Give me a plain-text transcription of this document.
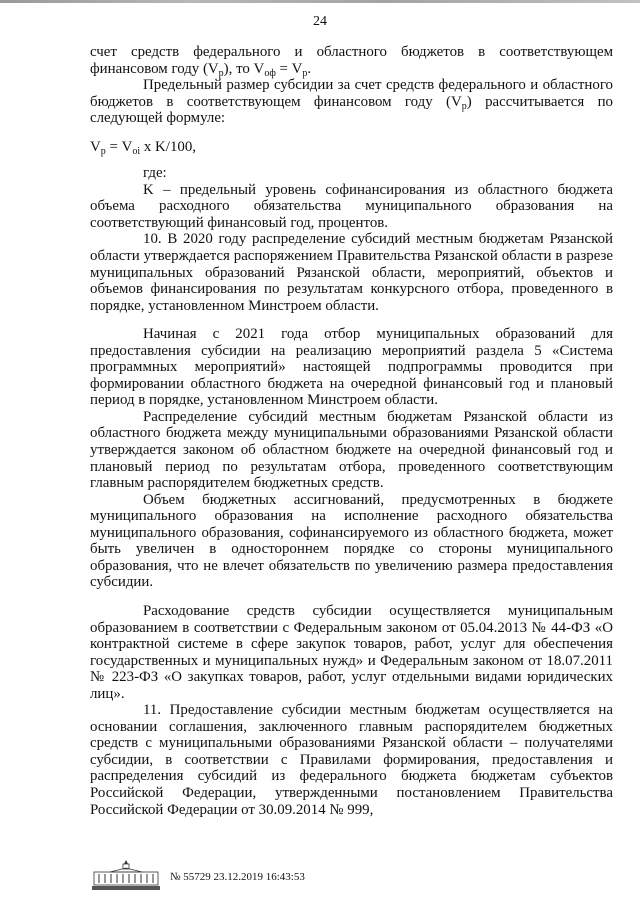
24

счет средств федерального и областного бюджетов в соответствующем финансовом году $(V_р)$, то $V_{оф} = V_р$.

Предельный размер субсидии за счет средств федерального и областного бюджетов в соответствующем финансовом году $(V_р)$ рассчитывается по следующей формуле:

$V_р = V_{оi}$ x K/100,

где:

K – предельный уровень софинансирования из областного бюджета объема расходного обязательства муниципального образования на соответствующий финансовый год, процентов.

10. В 2020 году распределение субсидий местным бюджетам Рязанской области утверждается распоряжением Правительства Рязанской области в разрезе муниципальных образований Рязанской области, мероприятий, объектов и объемов финансирования по результатам конкурсного отбора, проведенного в порядке, установленном Минстроем области.

Начиная с 2021 года отбор муниципальных образований для предоставления субсидии на реализацию мероприятий раздела 5 «Система программных мероприятий» настоящей подпрограммы проводится при формировании областного бюджета на очередной финансовый год и плановый период в порядке, установленном Минстроем области.

Распределение субсидий местным бюджетам Рязанской области из областного бюджета между муниципальными образованиями Рязанской области утверждается законом об областном бюджете на очередной финансовый год и плановый период по результатам отбора, проведенного соответствующим главным распорядителем бюджетных средств.

Объем бюджетных ассигнований, предусмотренных в бюджете муниципального образования на исполнение расходного обязательства муниципального образования, софинансируемого из областного бюджета, может быть увеличен в одностороннем порядке со стороны муниципального образования, что не влечет обязательств по увеличению размера предоставления субсидии.

Расходование средств субсидии осуществляется муниципальным образованием в соответствии с Федеральным законом от 05.04.2013 № 44-ФЗ «О контрактной системе в сфере закупок товаров, работ, услуг для обеспечения государственных и муниципальных нужд» и Федеральным законом от 18.07.2011 № 223-ФЗ «О закупках товаров, работ, услуг отдельными видами юридических лиц».

11. Предоставление субсидии местным бюджетам осуществляется на основании соглашения, заключенного главным распорядителем бюджетных средств с муниципальными образованиями Рязанской области – получателями субсидии, в соответствии с Правилами формирования, предоставления и распределения субсидий из федерального бюджета бюджетам субъектов Российской Федерации, утвержденными постановлением Правительства Российской Федерации от 30.09.2014 № 999,

№ 55729 23.12.2019 16:43:53
